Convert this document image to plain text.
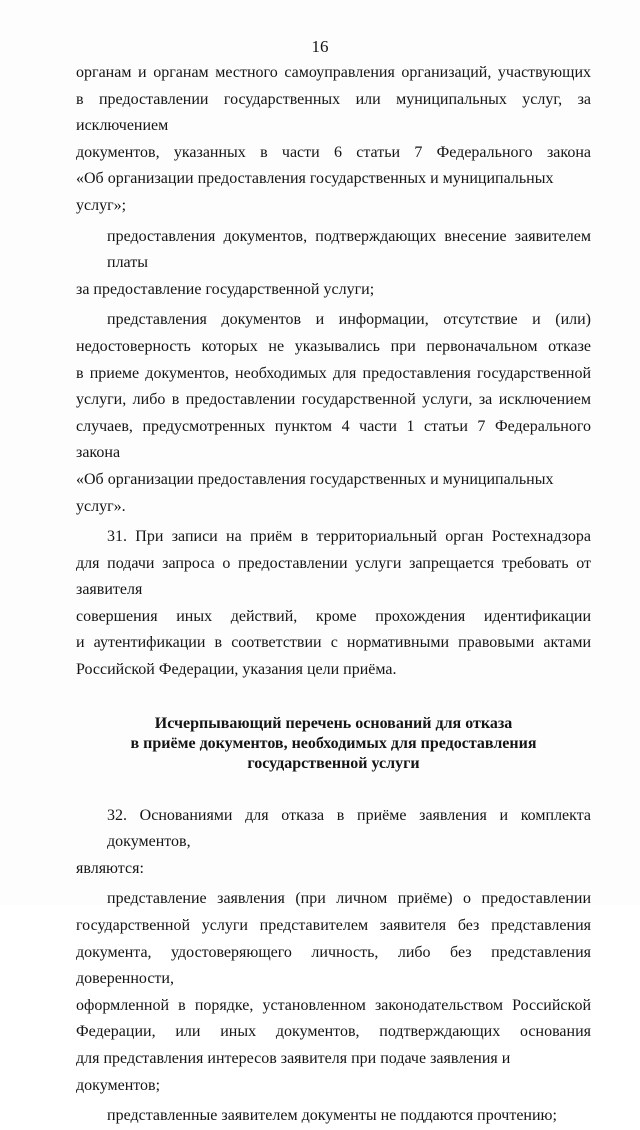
16
органам и органам местного самоуправления организаций, участвующих
в предоставлении государственных или муниципальных услуг, за исключением
документов, указанных в части 6 статьи 7 Федерального закона
«Об организации предоставления государственных и муниципальных услуг»;
предоставления документов, подтверждающих внесение заявителем платы
за предоставление государственной услуги;
представления документов и информации, отсутствие и (или)
недостоверность которых не указывались при первоначальном отказе
в приеме документов, необходимых для предоставления государственной
услуги, либо в предоставлении государственной услуги, за исключением
случаев, предусмотренных пунктом 4 части 1 статьи 7 Федерального закона
«Об организации предоставления государственных и муниципальных услуг».
31. При записи на приём в территориальный орган Ростехнадзора
для подачи запроса о предоставлении услуги запрещается требовать от заявителя
совершения иных действий, кроме прохождения идентификации
и аутентификации в соответствии с нормативными правовыми актами
Российской Федерации, указания цели приёма.
Исчерпывающий перечень оснований для отказа
в приёме документов, необходимых для предоставления
государственной услуги
32. Основаниями для отказа в приёме заявления и комплекта документов,
являются:
представление заявления (при личном приёме) о предоставлении
государственной услуги представителем заявителя без представления
документа, удостоверяющего личность, либо без представления доверенности,
оформленной в порядке, установленном законодательством Российской
Федерации, или иных документов, подтверждающих основания
для представления интересов заявителя при подаче заявления и документов;
представленные заявителем документы не поддаются прочтению;
